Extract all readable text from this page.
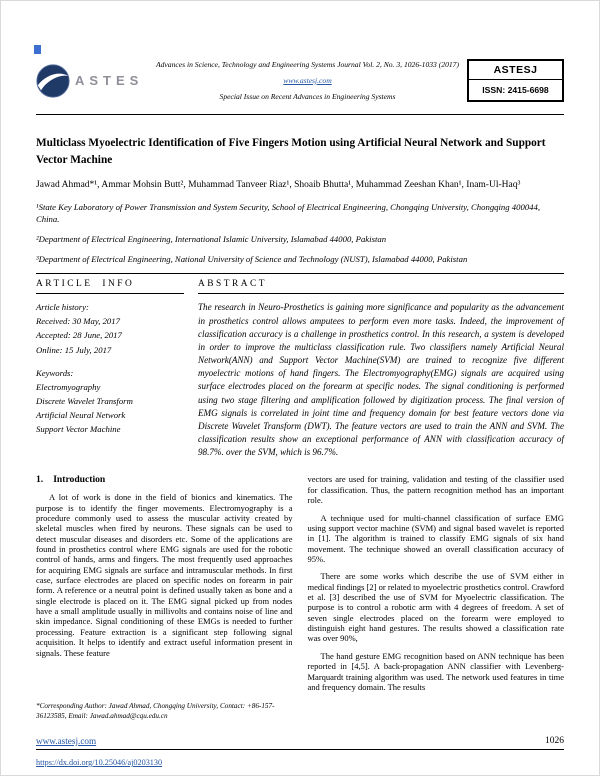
ASTES
Advances in Science, Technology and Engineering Systems Journal Vol. 2, No. 3, 1026-1033 (2017)
www.astesj.com
Special Issue on Recent Advances in Engineering Systems
ASTESJ
ISSN: 2415-6698
Multiclass Myoelectric Identification of Five Fingers Motion using Artificial Neural Network and Support Vector Machine
Jawad Ahmad*¹, Ammar Mohsin Butt², Muhammad Tanveer Riaz¹, Shoaib Bhutta¹, Muhammad Zeeshan Khan¹, Inam-Ul-Haq³
¹State Key Laboratory of Power Transmission and System Security, School of Electrical Engineering, Chongqing University, Chongqing 400044, China.
²Department of Electrical Engineering, International Islamic University, Islamabad 44000, Pakistan
³Department of Electrical Engineering, National University of Science and Technology (NUST), Islamabad 44000, Pakistan
ARTICLE INFO

Article history:

Received: 30 May, 2017

Accepted: 28 June, 2017

Online: 15 July, 2017

Keywords:

Electromyography

Discrete Wavelet Transform

Artificial Neural Network

Support Vector Machine

ABSTRACT
The research in Neuro-Prosthetics is gaining more significance and popularity as the advancement in prosthetics control allows amputees to perform even more tasks. Indeed, the improvement of classification accuracy is a challenge in prosthetics control. In this research, a system is developed in order to improve the multiclass classification rule. Two classifiers namely Artificial Neural Network(ANN) and Support Vector Machine(SVM) are trained to recognize five different myoelectric motions of hand fingers. The Electromyography(EMG) signals are acquired using surface electrodes placed on the forearm at specific nodes. The signal conditioning is performed using two stage filtering and amplification followed by digitization process. The final version of EMG signals is correlated in joint time and frequency domain for best feature vectors done via Discrete Wavelet Transform (DWT). The feature vectors are used to train the ANN and SVM. The classification results show an exceptional performance of ANN with classification accuracy of 98.7%. over the SVM, which is 96.7%.
1. Introduction

A lot of work is done in the field of bionics and kinematics. The purpose is to identify the finger movements. Electromyography is a procedure commonly used to assess the muscular activity created by skeletal muscles when fired by neurons. These signals can be used to detect muscular diseases and disorders etc. Some of the applications are found in prosthetics control where EMG signals are used for the robotic control of hands, arms and fingers. The most frequently used approaches for acquiring EMG signals are surface and intramuscular methods. In first case, surface electrodes are placed on specific nodes on forearm in pair form. A reference or a neutral point is defined usually taken as bone and a single electrode is placed on it. The EMG signal picked up from nodes have a small amplitude usually in millivolts and contains noise of line and skin impedance. Signal conditioning of these EMGs is needed to further processing. Feature extraction is a significant step following signal acquisition. It helps to identify and extract useful information present in signals. These feature

vectors are used for training, validation and testing of the classifier used for classification. Thus, the pattern recognition method has an important role.

A technique used for multi-channel classification of surface EMG using support vector machine (SVM) and signal based wavelet is reported in [1]. The algorithm is trained to classify EMG signals of six hand movement. The technique showed an overall classification accuracy of 95%.

There are some works which describe the use of SVM either in medical findings [2] or related to myoelectric prosthetics control. Crawford et al. [3] described the use of SVM for Myoelectric classification. The purpose is to control a robotic arm with 4 degrees of freedom. A set of seven single electrodes placed on the forearm were employed to distinguish eight hand gestures. The results showed a classification rate was over 90%,

The hand gesture EMG recognition based on ANN technique has been reported in [4,5]. A back-propagation ANN classifier with Levenberg-Marquardt training algorithm was used. The network used features in time and frequency domain. The results

*Corresponding Author: Jawad Ahmad, Chongqing University, Contact: +86-157-36123585, Email: Jawad.ahmad@cqu.edu.cn
www.astesj.com	1026
https://dx.doi.org/10.25046/aj0203130
